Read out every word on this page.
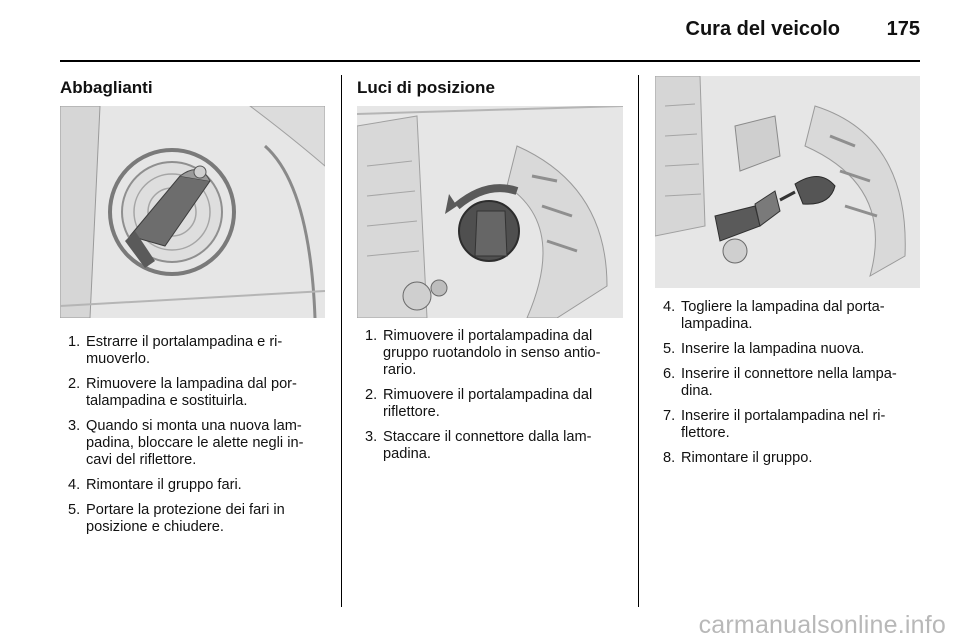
Cura del veicolo 175
Abbaglianti
1. Estrarre il portalampadina e ri-muoverlo.
2. Rimuovere la lampadina dal por-talampadina e sostituirla.
3. Quando si monta una nuova lam-padina, bloccare le alette negli in-cavi del riflettore.
4. Rimontare il gruppo fari.
5. Portare la protezione dei fari in posizione e chiudere.
Luci di posizione
1. Rimuovere il portalampadina dal gruppo ruotandolo in senso antio-rario.
2. Rimuovere il portalampadina dal riflettore.
3. Staccare il connettore dalla lam-padina.
4. Togliere la lampadina dal porta-lampadina.
5. Inserire la lampadina nuova.
6. Inserire il connettore nella lampa-dina.
7. Inserire il portalampadina nel ri-flettore.
8. Rimontare il gruppo.
carmanualsonline.info
